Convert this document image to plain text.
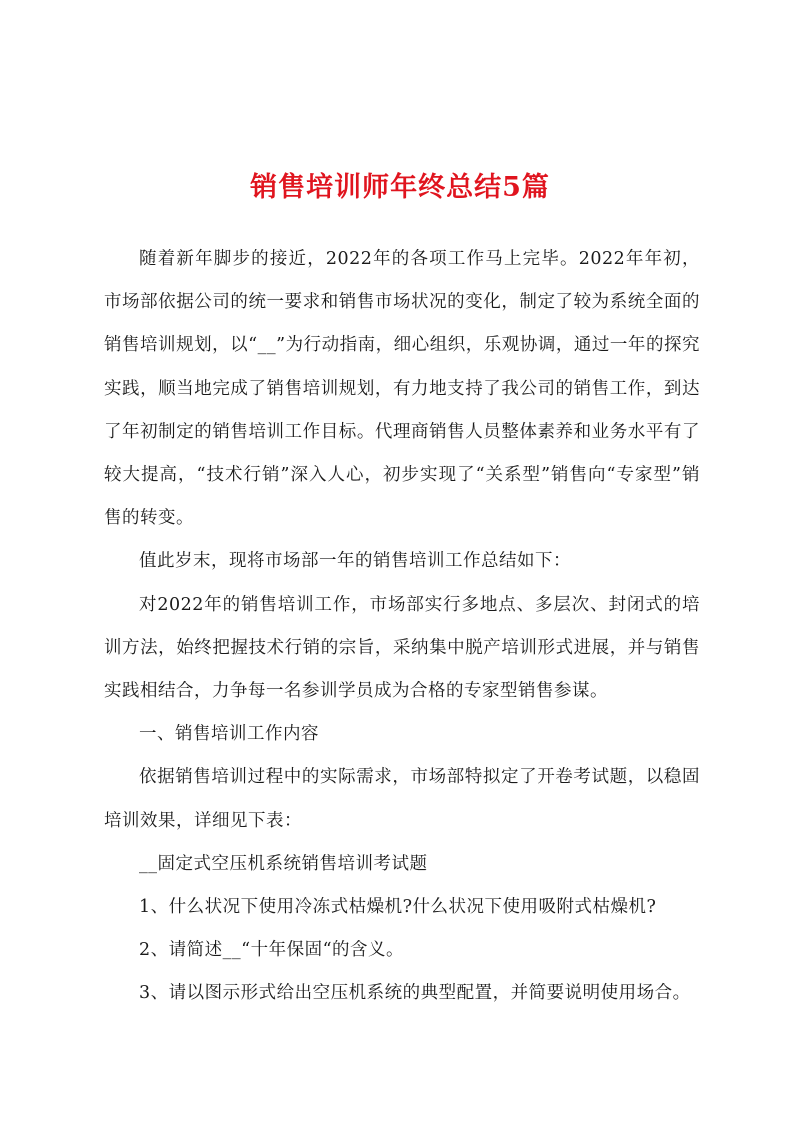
销售培训师年终总结5篇

随着新年脚步的接近，2022年的各项工作马上完毕。2022年年初，市场部依据公司的统一要求和销售市场状况的变化，制定了较为系统全面的销售培训规划，以“__”为行动指南，细心组织，乐观协调，通过一年的探究实践，顺当地完成了销售培训规划，有力地支持了我公司的销售工作，到达了年初制定的销售培训工作目标。代理商销售人员整体素养和业务水平有了较大提高，“技术行销”深入人心，初步实现了“关系型”销售向“专家型”销售的转变。

值此岁末，现将市场部一年的销售培训工作总结如下：

对2022年的销售培训工作，市场部实行多地点、多层次、封闭式的培训方法，始终把握技术行销的宗旨，采纳集中脱产培训形式进展，并与销售实践相结合，力争每一名参训学员成为合格的专家型销售参谋。

一、销售培训工作内容

依据销售培训过程中的实际需求，市场部特拟定了开卷考试题，以稳固培训效果，详细见下表：

__固定式空压机系统销售培训考试题

1、什么状况下使用冷冻式枯燥机?什么状况下使用吸附式枯燥机?

2、请简述__“十年保固“的含义。

3、请以图示形式给出空压机系统的典型配置，并简要说明使用场合。
